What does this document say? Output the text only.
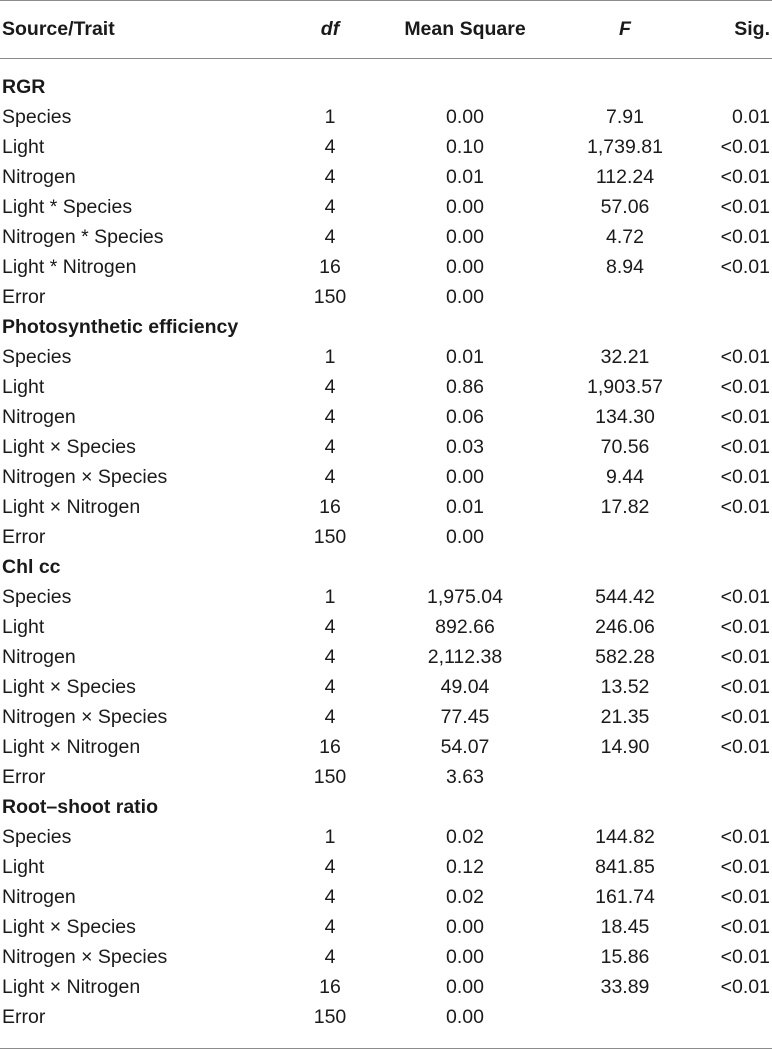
Source/Trait	df	Mean Square	F	Sig.
RGR
Species	1	0.00	7.91	0.01
Light	4	0.10	1,739.81	<0.01
Nitrogen	4	0.01	112.24	<0.01
Light * Species	4	0.00	57.06	<0.01
Nitrogen * Species	4	0.00	4.72	<0.01
Light * Nitrogen	16	0.00	8.94	<0.01
Error	150	0.00
Photosynthetic efficiency
Species	1	0.01	32.21	<0.01
Light	4	0.86	1,903.57	<0.01
Nitrogen	4	0.06	134.30	<0.01
Light × Species	4	0.03	70.56	<0.01
Nitrogen × Species	4	0.00	9.44	<0.01
Light × Nitrogen	16	0.01	17.82	<0.01
Error	150	0.00
Chl cc
Species	1	1,975.04	544.42	<0.01
Light	4	892.66	246.06	<0.01
Nitrogen	4	2,112.38	582.28	<0.01
Light × Species	4	49.04	13.52	<0.01
Nitrogen × Species	4	77.45	21.35	<0.01
Light × Nitrogen	16	54.07	14.90	<0.01
Error	150	3.63
Root–shoot ratio
Species	1	0.02	144.82	<0.01
Light	4	0.12	841.85	<0.01
Nitrogen	4	0.02	161.74	<0.01
Light × Species	4	0.00	18.45	<0.01
Nitrogen × Species	4	0.00	15.86	<0.01
Light × Nitrogen	16	0.00	33.89	<0.01
Error	150	0.00
